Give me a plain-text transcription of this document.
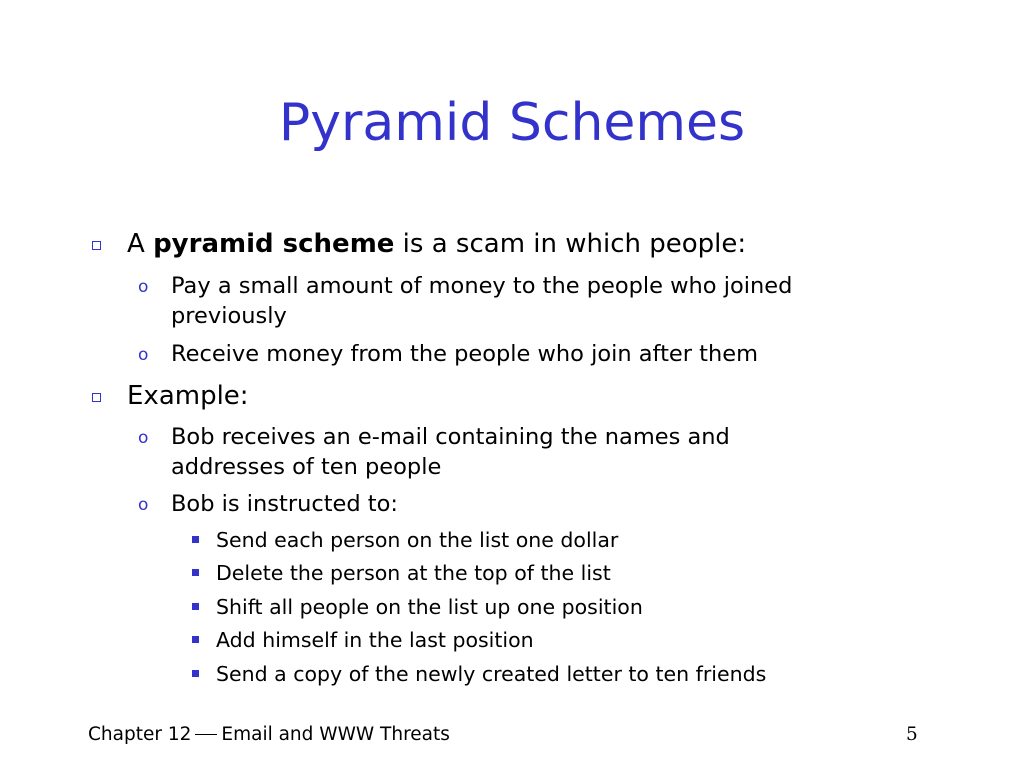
Pyramid Schemes
A pyramid scheme is a scam in which people:
o Pay a small amount of money to the people who joined
previously
o Receive money from the people who join after them
Example:
o Bob receives an e-mail containing the names and
addresses of ten people
o Bob is instructed to:
Send each person on the list one dollar
Delete the person at the top of the list
Shift all people on the list up one position
Add himself in the last position
Send a copy of the newly created letter to ten friends
Chapter 12 Email and WWW Threats	5
